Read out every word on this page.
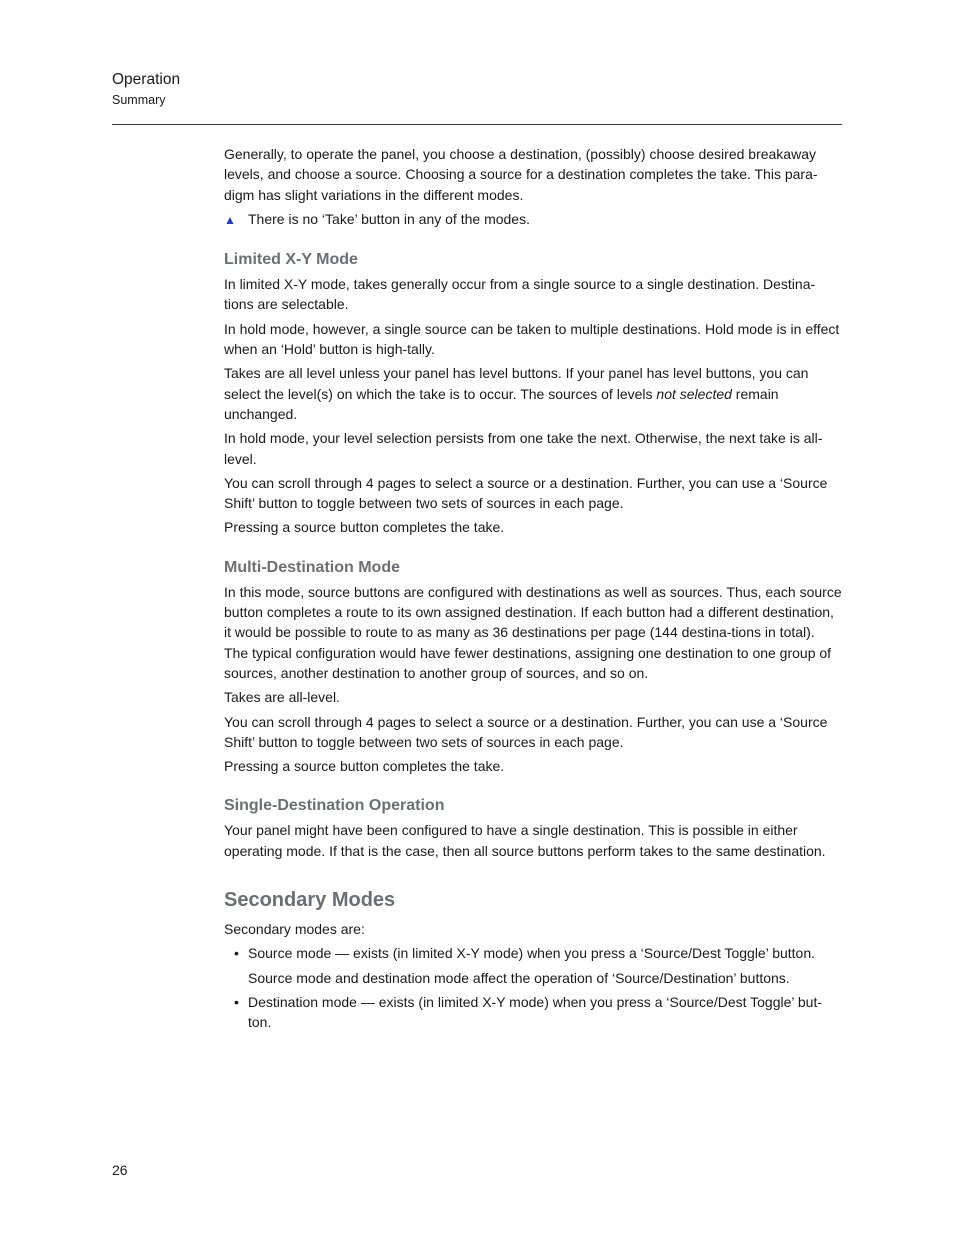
Operation
Summary

Generally, to operate the panel, you choose a destination, (possibly) choose desired breakaway levels, and choose a source. Choosing a source for a destination completes the take. This para-digm has slight variations in the different modes.

▲ There is no ‘Take’ button in any of the modes.
Limited X-Y Mode

In limited X-Y mode, takes generally occur from a single source to a single destination. Destina-tions are selectable.

In hold mode, however, a single source can be taken to multiple destinations. Hold mode is in effect when an ‘Hold’ button is high-tally.

Takes are all level unless your panel has level buttons. If your panel has level buttons, you can select the level(s) on which the take is to occur. The sources of levels not selected remain unchanged.

In hold mode, your level selection persists from one take the next. Otherwise, the next take is all-level.

You can scroll through 4 pages to select a source or a destination. Further, you can use a ‘Source Shift’ button to toggle between two sets of sources in each page.

Pressing a source button completes the take.

Multi-Destination Mode

In this mode, source buttons are configured with destinations as well as sources. Thus, each source button completes a route to its own assigned destination. If each button had a different destination, it would be possible to route to as many as 36 destinations per page (144 destina-tions in total). The typical configuration would have fewer destinations, assigning one destination to one group of sources, another destination to another group of sources, and so on.

Takes are all-level.

You can scroll through 4 pages to select a source or a destination. Further, you can use a ‘Source Shift’ button to toggle between two sets of sources in each page.

Pressing a source button completes the take.

Single-Destination Operation

Your panel might have been configured to have a single destination. This is possible in either operating mode. If that is the case, then all source buttons perform takes to the same destination.

Secondary Modes

Secondary modes are:

• Source mode — exists (in limited X-Y mode) when you press a ‘Source/Dest Toggle’ button.

Source mode and destination mode affect the operation of ‘Source/Destination’ buttons.

• Destination mode — exists (in limited X-Y mode) when you press a ‘Source/Dest Toggle’ but-ton.
26
